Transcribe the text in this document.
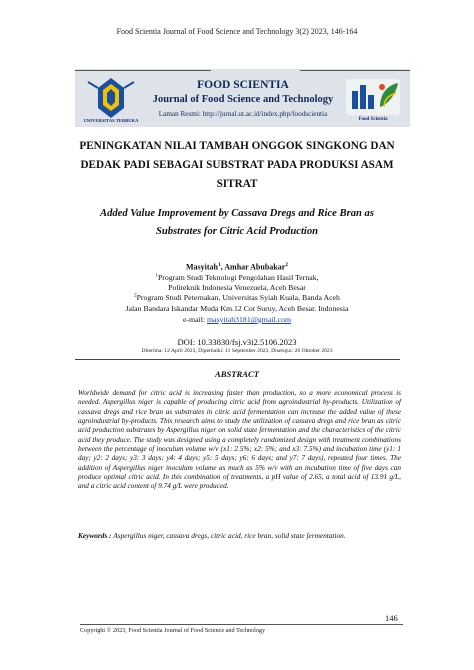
Food Scientia Journal of Food Science and Technology 3(2) 2023, 146-164
UNIVERSITAS TERBUKA
FOOD SCIENTIA
Journal of Food Science and Technology
Laman Resmi: http://jurnal.ut.ac.id/index.php/foodscientia
Food Scientia
PENINGKATAN NILAI TAMBAH ONGGOK SINGKONG DAN
DEDAK PADI SEBAGAI SUBSTRAT PADA PRODUKSI ASAM
SITRAT
Added Value Improvement by Cassava Dregs and Rice Bran as
Substrates for Citric Acid Production
Masyitah$^1$, Amhar Abubakar$^2$
$^1$Program Studi Teknologi Pengolahan Hasil Ternak,
Politeknik Indonesia Venezuela, Aceh Besar
$^2$Program Studi Peternakan, Universitas Syiah Kuala, Banda Aceh
Jalan Bandara Iskandar Muda Km.12 Cot Suruy, Aceh Besar. Indonesia
e-mail: masyitah3181@gmail.com
DOI: 10.33830/fsj.v3i2.5106.2023
Diterima: 12 April 2023, Diperbaiki: 11 September 2023, Disetujui: 26 Oktober 2023
ABSTRACT
Worldwide demand for citric acid is increasing faster than production, so a more economical process is needed. Aspergillus niger is capable of producing citric acid from agroindustrial by-products. Utilization of cassava dregs and rice bran as substrates in citric acid fermentation can increase the added value of these agroindustrial by-products. This research aims to study the utilization of cassava dregs and rice bran as citric acid production substrates by Aspergillus niger on solid state fermentation and the characteristics of the citric acid they produce. The study was designed using a completely randomized design with treatment combinations between the percentage of inoculum volume w/v (x1: 2.5%; x2: 5%; and x3: 7.5%) and incubation time (y1: 1 day; y2: 2 days; y3: 3 days; y4: 4 days; y5: 5 days; y6: 6 days; and y7: 7 days), repeated four times. The addition of Aspergillus niger inoculum volume as much as 5% w/v with an incubation time of five days can produce optimal citric acid. In this combination of treatments, a pH value of 2.65, a total acid of 13.91 g/L, and a citric acid content of 9.74 g/L were produced.
Keywords : Aspergillus niger, cassava dregs, citric acid, rice bran, solid state fermentation.
146
Copyright © 2023, Food Scientia Journal of Food Science and Technology
